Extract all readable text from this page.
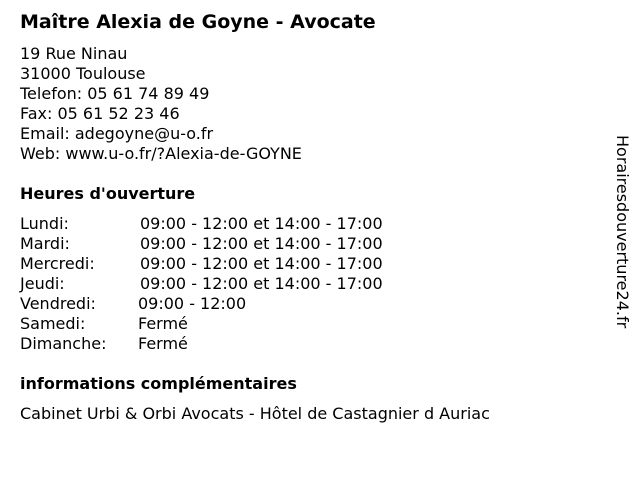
Maître Alexia de Goyne - Avocate
19 Rue Ninau
31000 Toulouse
Telefon: 05 61 74 89 49
Fax: 05 61 52 23 46
Email: adegoyne@u-o.fr
Web: www.u-o.fr/?Alexia-de-GOYNE
Heures d'ouverture
Lundi:	09:00 - 12:00 et 14:00 - 17:00
Mardi:	09:00 - 12:00 et 14:00 - 17:00
Mercredi:	09:00 - 12:00 et 14:00 - 17:00
Jeudi:	09:00 - 12:00 et 14:00 - 17:00
Vendredi:	09:00 - 12:00
Samedi:	Fermé
Dimanche: Fermé
informations complémentaires
Cabinet Urbi & Orbi Avocats - Hôtel de Castagnier d Auriac
Horairesdouverture24.fr
